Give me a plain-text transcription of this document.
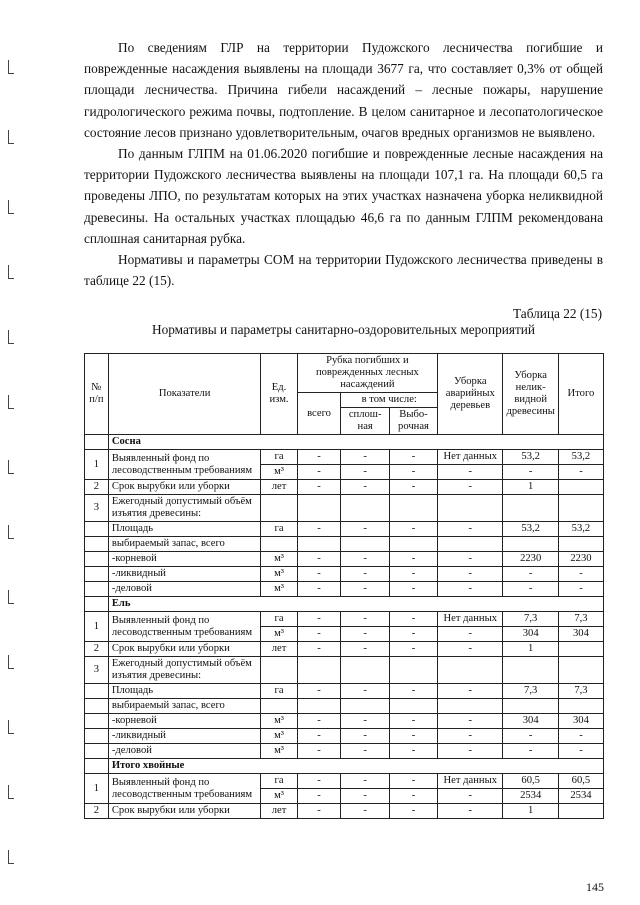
По сведениям ГЛР на территории Пудожского лесничества погибшие и поврежденные насаждения выявлены на площади 3677 га, что составляет 0,3% от общей площади лесничества. Причина гибели насаждений – лесные пожары, нарушение гидрологического режима почвы, подтопление. В целом санитарное и лесопатологическое состояние лесов признано удовлетворительным, очагов вредных организмов не выявлено.

По данным ГЛПМ на 01.06.2020 погибшие и поврежденные лесные насаждения на территории Пудожского лесничества выявлены на площади 107,1 га. На площади 60,5 га проведены ЛПО, по результатам которых на этих участках назначена уборка неликвидной древесины. На остальных участках площадью 46,6 га по данным ГЛПМ рекомендована сплошная санитарная рубка.

Нормативы и параметры СОМ на территории Пудожского лесничества приведены в таблице 22 (15).

Таблица 22 (15)
Нормативы и параметры санитарно-оздоровительных мероприятий
№ п/п	Показатели	Ед. изм.	Рубка погибших и поврежденных лесных насаждений			Уборка аварийных деревьев	Уборка нелик-видной древесины	Итого
			всего	в том числе:				
				сплош-ная	Выбо-рочная			
	Сосна							
1	Выявленный фонд по лесоводственным требованиям	га	-	-	-	Нет данных	53,2	53,2
		м³	-	-	-	-	-	-
2	Срок вырубки или уборки	лет	-	-	-	-	1	
3	Ежегодный допустимый объём изъятия древесины:							
	Площадь	га	-	-	-	-	53,2	53,2
	выбираемый запас, всего							
	-корневой	м³	-	-	-	-	2230	2230
	-ликвидный	м³	-	-	-	-	-	-
	-деловой	м³	-	-	-	-	-	-
	Ель							
1	Выявленный фонд по лесоводственным требованиям	га	-	-	-	Нет данных	7,3	7,3
		м³	-	-	-	-	304	304
2	Срок вырубки или уборки	лет	-	-	-	-	1	
3	Ежегодный допустимый объём изъятия древесины:							
	Площадь	га	-	-	-	-	7,3	7,3
	выбираемый запас, всего							
	-корневой	м³	-	-	-	-	304	304
	-ликвидный	м³	-	-	-	-	-	-
	-деловой	м³	-	-	-	-	-	-
	Итого хвойные							
1	Выявленный фонд по лесоводственным требованиям	га	-	-	-	Нет данных	60,5	60,5
		м³	-	-	-	-	2534	2534
2	Срок вырубки или уборки	лет	-	-	-	-	1	
145
